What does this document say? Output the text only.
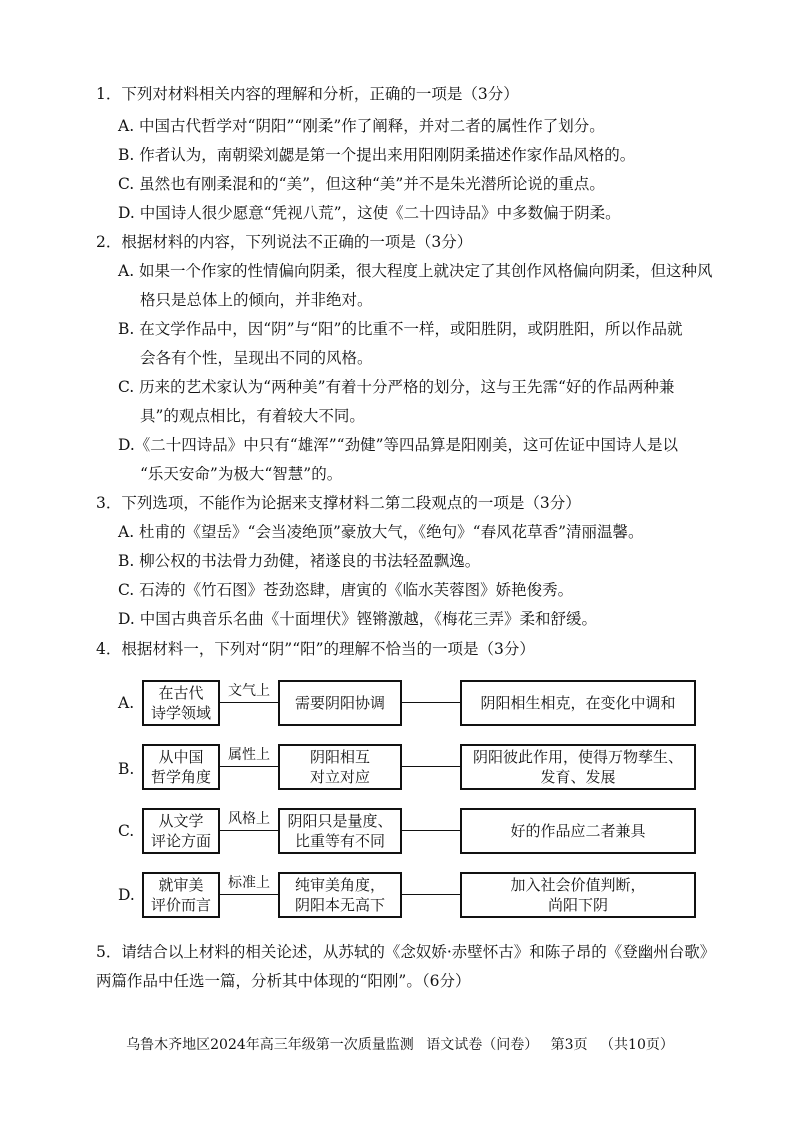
1．下列对材料相关内容的理解和分析，正确的一项是（3分）
A. 中国古代哲学对“阴阳”“刚柔”作了阐释，并对二者的属性作了划分。
B. 作者认为，南朝梁刘勰是第一个提出来用阳刚阴柔描述作家作品风格的。
C. 虽然也有刚柔混和的“美”，但这种“美”并不是朱光潜所论说的重点。
D. 中国诗人很少愿意“凭视八荒”，这使《二十四诗品》中多数偏于阴柔。
2．根据材料的内容，下列说法不正确的一项是（3分）
A. 如果一个作家的性情偏向阴柔，很大程度上就决定了其创作风格偏向阴柔，但这种风
格只是总体上的倾向，并非绝对。
B. 在文学作品中，因“阴”与“阳”的比重不一样，或阳胜阴，或阴胜阳，所以作品就
会各有个性，呈现出不同的风格。
C. 历来的艺术家认为“两种美”有着十分严格的划分，这与王先霈“好的作品两种兼
具”的观点相比，有着较大不同。
D.《二十四诗品》中只有“雄浑”“劲健”等四品算是阳刚美，这可佐证中国诗人是以
“乐天安命”为极大“智慧”的。
3．下列选项，不能作为论据来支撑材料二第二段观点的一项是（3分）
A. 杜甫的《望岳》“会当凌绝顶”豪放大气，《绝句》“春风花草香”清丽温馨。
B. 柳公权的书法骨力劲健，褚遂良的书法轻盈飘逸。
C. 石涛的《竹石图》苍劲恣肆，唐寅的《临水芙蓉图》娇艳俊秀。
D. 中国古典音乐名曲《十面埋伏》铿锵激越，《梅花三弄》柔和舒缓。
4．根据材料一，下列对“阴”“阳”的理解不恰当的一项是（3分）
A.
在古代
诗学领域
文气上
需要阴阳协调	阴阳相生相克，在变化中调和
B.
从中国
哲学角度
属性上	阴阳相互
对立对应
阴阳彼此作用，使得万物孳生、
发育、发展
C.
从文学
评论方面
风格上 阴阳只是量度、
比重等有不同
好的作品应二者兼具
D.
就审美
评价而言
标准上 纯审美角度，
阴阳本无高下
加入社会价值判断，
尚阳下阴
5．请结合以上材料的相关论述，从苏轼的《念奴娇·赤壁怀古》和陈子昂的《登幽州台歌》
两篇作品中任选一篇，分析其中体现的“阳刚”。（6分）
乌鲁木齐地区2024年高三年级第一次质量监测 语文试卷（问卷） 第3页 （共10页）
